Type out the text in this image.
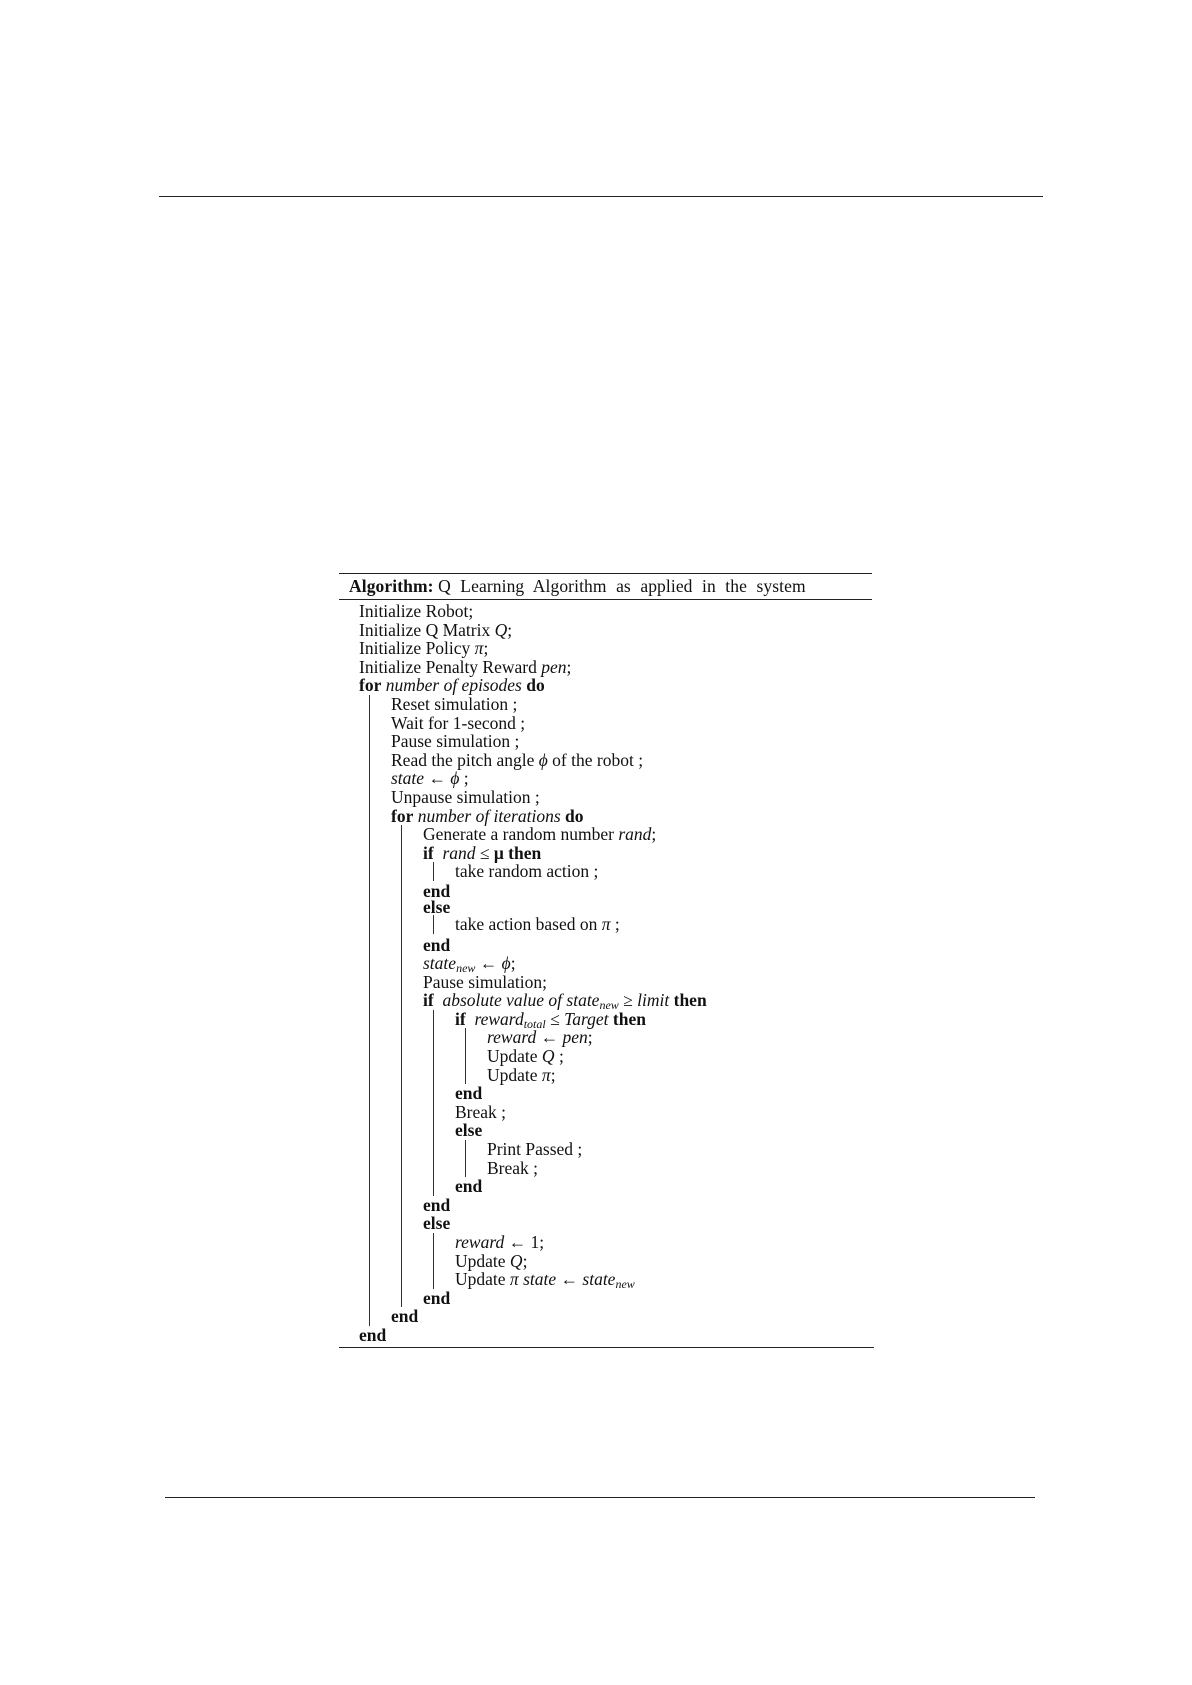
Algorithm: Q Learning Algorithm as applied in the system
Initialize Robot;
Initialize Q Matrix Q;
Initialize Policy π;
Initialize Penalty Reward pen;
for number of episodes do
Reset simulation ;
Wait for 1-second ;
Pause simulation ;
Read the pitch angle ϕ of the robot ;
state ← ϕ ;
Unpause simulation ;
for number of iterations do
Generate a random number rand;
if rand ≤ μ then
take random action ;
end
else
take action based on π ;
end
state$_{new}$ ← ϕ;
Pause simulation;
if absolute value of state$_{new}$ ≥ limit then
if reward$_{total}$ ≤ Target then
reward ← pen;
Update Q ;
Update π;
end
Break ;
else
Print Passed ;
Break ;
end
end
else
reward ← 1;
Update Q;
Update π state ← state$_{new}$
end
end
end
